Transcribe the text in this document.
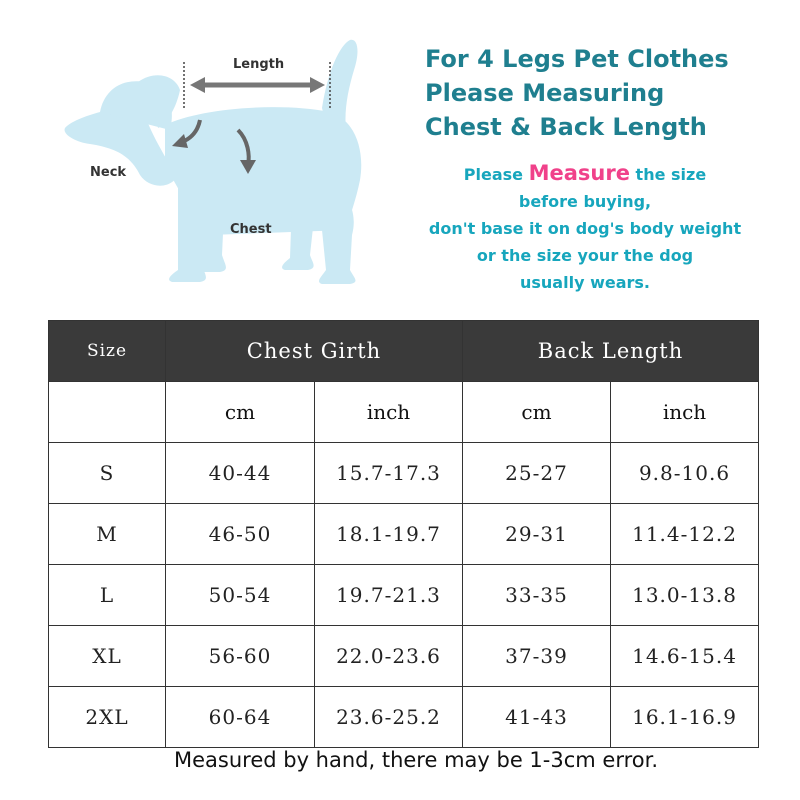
Length
Neck
Chest
For 4 Legs Pet Clothes
Please Measuring
Chest & Back Length
Please Measure the size
before buying,
don't base it on dog's body weight
or the size your the dog
usually wears.
Size	Chest Girth		Back Length	
	cm	inch	cm	inch
S	40-44	15.7-17.3	25-27	9.8-10.6
M	46-50	18.1-19.7	29-31	11.4-12.2
L	50-54	19.7-21.3	33-35	13.0-13.8
XL	56-60	22.0-23.6	37-39	14.6-15.4
2XL	60-64	23.6-25.2	41-43	16.1-16.9
Measured by hand, there may be 1-3cm error.
